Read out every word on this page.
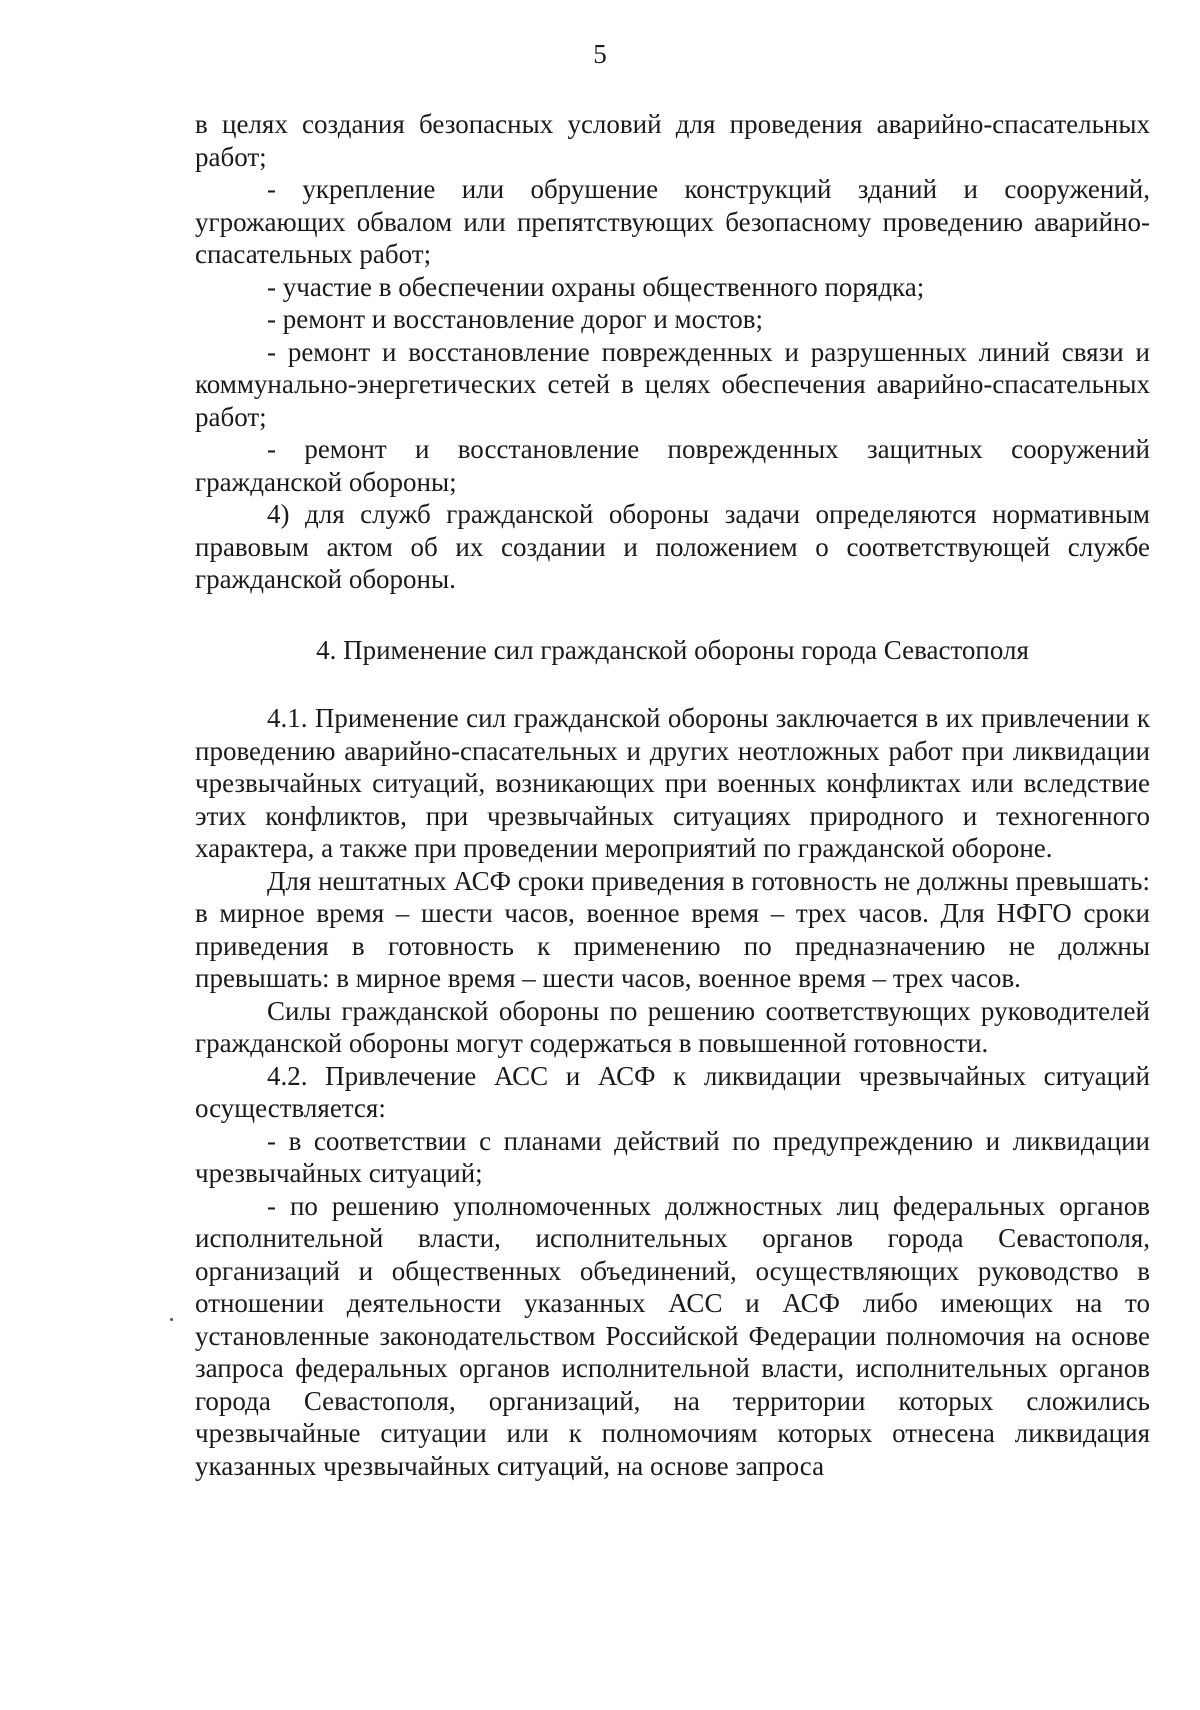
5

в целях создания безопасных условий для проведения аварийно-спасательных работ;

- укрепление или обрушение конструкций зданий и сооружений, угрожающих обвалом или препятствующих безопасному проведению аварийно-спасательных работ;

- участие в обеспечении охраны общественного порядка;

- ремонт и восстановление дорог и мостов;

- ремонт и восстановление поврежденных и разрушенных линий связи и коммунально-энергетических сетей в целях обеспечения аварийно-спасательных работ;

- ремонт и восстановление поврежденных защитных сооружений гражданской обороны;

4) для служб гражданской обороны задачи определяются нормативным правовым актом об их создании и положением о соответствующей службе гражданской обороны.

4. Применение сил гражданской обороны города Севастополя

4.1. Применение сил гражданской обороны заключается в их привлечении к проведению аварийно-спасательных и других неотложных работ при ликвидации чрезвычайных ситуаций, возникающих при военных конфликтах или вследствие этих конфликтов, при чрезвычайных ситуациях природного и техногенного характера, а также при проведении мероприятий по гражданской обороне.

Для нештатных АСФ сроки приведения в готовность не должны превышать: в мирное время – шести часов, военное время – трех часов. Для НФГО сроки приведения в готовность к применению по предназначению не должны превышать: в мирное время – шести часов, военное время – трех часов.

Силы гражданской обороны по решению соответствующих руководителей гражданской обороны могут содержаться в повышенной готовности.

4.2. Привлечение АСС и АСФ к ликвидации чрезвычайных ситуаций осуществляется:

- в соответствии с планами действий по предупреждению и ликвидации чрезвычайных ситуаций;

- по решению уполномоченных должностных лиц федеральных органов исполнительной власти, исполнительных органов города Севастополя, организаций и общественных объединений, осуществляющих руководство в отношении деятельности указанных АСС и АСФ либо имеющих на то установленные законодательством Российской Федерации полномочия на основе запроса федеральных органов исполнительной власти, исполнительных органов города Севастополя, организаций, на территории которых сложились чрезвычайные ситуации или к полномочиям которых отнесена ликвидация указанных чрезвычайных ситуаций, на основе запроса
